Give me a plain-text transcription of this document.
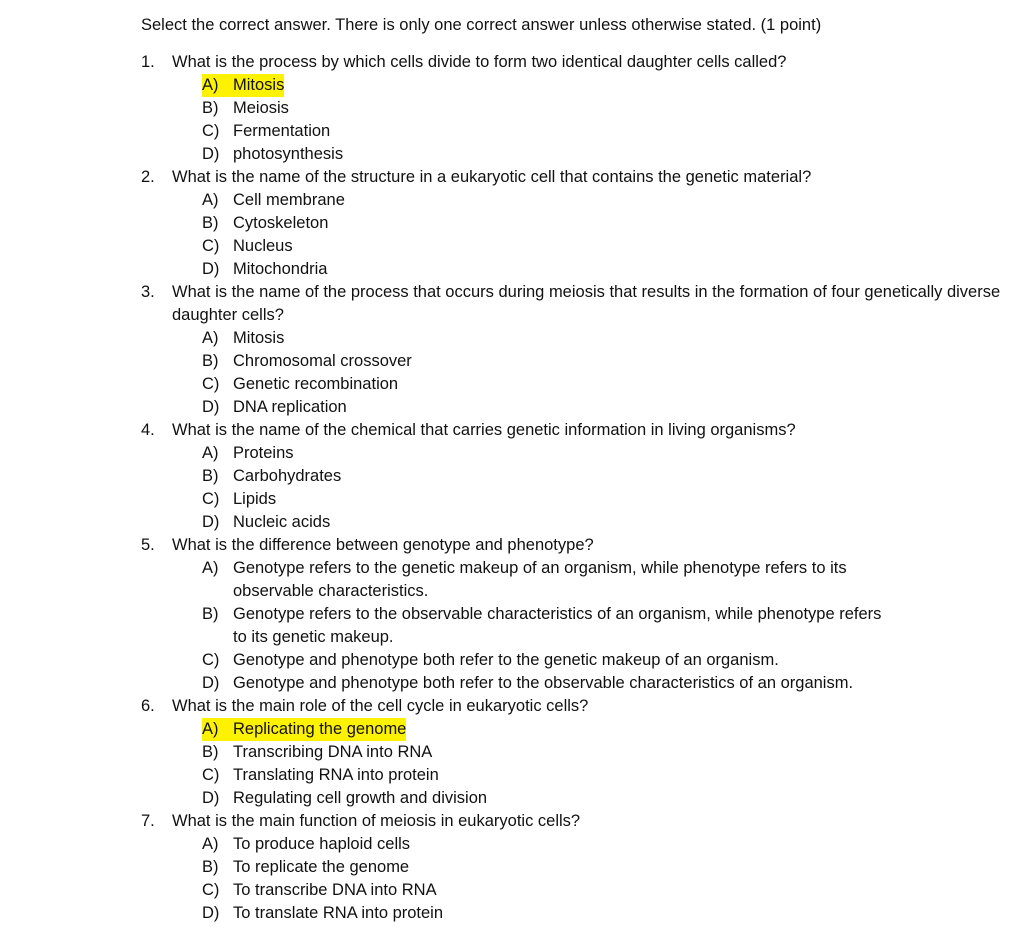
Select the correct answer. There is only one correct answer unless otherwise stated. (1 point)
1.	What is the process by which cells divide to form two identical daughter cells called?
A) Mitosis
B) Meiosis
C) Fermentation
D) photosynthesis
2.	What is the name of the structure in a eukaryotic cell that contains the genetic material?
A) Cell membrane
B) Cytoskeleton
C) Nucleus
D) Mitochondria
3.	What is the name of the process that occurs during meiosis that results in the formation of four genetically diverse daughter cells?
A) Mitosis
B) Chromosomal crossover
C) Genetic recombination
D) DNA replication
4.	What is the name of the chemical that carries genetic information in living organisms?
A) Proteins
B) Carbohydrates
C) Lipids
D) Nucleic acids
5.	What is the difference between genotype and phenotype?
A) Genotype refers to the genetic makeup of an organism, while phenotype refers to its observable characteristics.
B) Genotype refers to the observable characteristics of an organism, while phenotype refers to its genetic makeup.
C) Genotype and phenotype both refer to the genetic makeup of an organism.
D) Genotype and phenotype both refer to the observable characteristics of an organism.
6.	What is the main role of the cell cycle in eukaryotic cells?
A) Replicating the genome
B) Transcribing DNA into RNA
C) Translating RNA into protein
D) Regulating cell growth and division
7.	What is the main function of meiosis in eukaryotic cells?
A) To produce haploid cells
B) To replicate the genome
C) To transcribe DNA into RNA
D) To translate RNA into protein
